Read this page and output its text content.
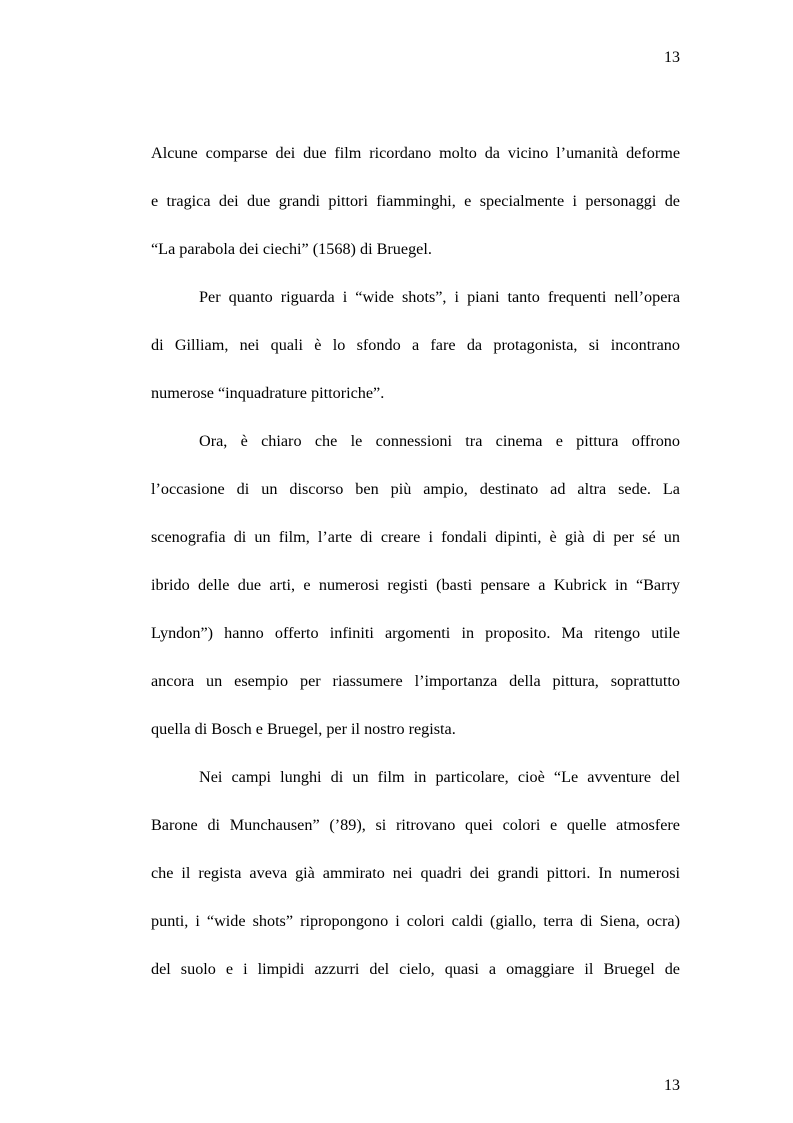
13

Alcune comparse dei due film ricordano molto da vicino l’umanità deforme

e tragica dei due grandi pittori fiamminghi, e specialmente i personaggi de

“La parabola dei ciechi” (1568) di Bruegel.

Per quanto riguarda i “wide shots”, i piani tanto frequenti nell’opera

di Gilliam, nei quali è lo sfondo a fare da protagonista, si incontrano

numerose “inquadrature pittoriche”.

Ora, è chiaro che le connessioni tra cinema e pittura offrono

l’occasione di un discorso ben più ampio, destinato ad altra sede. La

scenografia di un film, l’arte di creare i fondali dipinti, è già di per sé un

ibrido delle due arti, e numerosi registi (basti pensare a Kubrick in “Barry

Lyndon”) hanno offerto infiniti argomenti in proposito. Ma ritengo utile

ancora un esempio per riassumere l’importanza della pittura, soprattutto

quella di Bosch e Bruegel, per il nostro regista.

Nei campi lunghi di un film in particolare, cioè “Le avventure del

Barone di Munchausen” (’89), si ritrovano quei colori e quelle atmosfere

che il regista aveva già ammirato nei quadri dei grandi pittori. In numerosi

punti, i “wide shots” ripropongono i colori caldi (giallo, terra di Siena, ocra)

del suolo e i limpidi azzurri del cielo, quasi a omaggiare il Bruegel de

13
